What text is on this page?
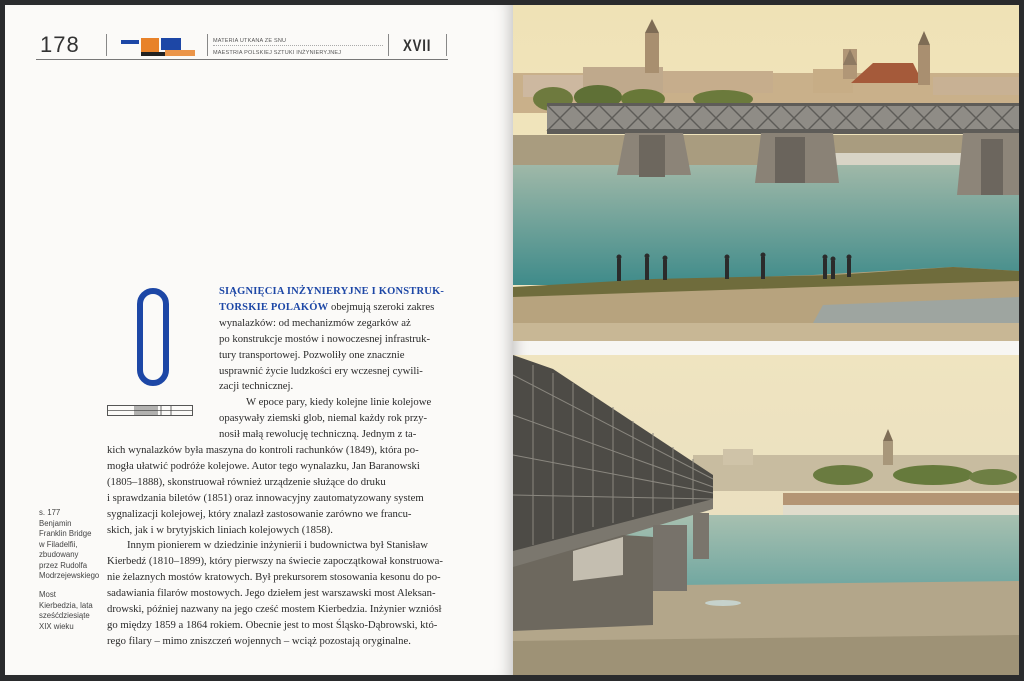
178	MATERIA UTKANA ZE SNU
MAESTRIA POLSKIEJ SZTUKI INŻYNIERYJNEJ	XVII
SIĄGNIĘCIA INŻYNIERYJNE I KONSTRUK-
TORSKIE POLAKÓW obejmują szeroki zakres
wynalazków: od mechanizmów zegarków aż
po konstrukcje mostów i nowoczesnej infrastruk-
tury transportowej. Pozwoliły one znacznie
usprawnić życie ludzkości ery wczesnej cywili-
zacji technicznej.
W epoce pary, kiedy kolejne linie kolejowe
opasywały ziemski glob, niemal każdy rok przy-
nosił małą rewolucję techniczną. Jednym z ta-
kich wynalazków była maszyna do kontroli rachunków (1849), która po-
mogła ułatwić podróże kolejowe. Autor tego wynalazku, Jan Baranowski
(1805–1888), skonstruował również urządzenie służące do druku
i sprawdzania biletów (1851) oraz innowacyjny zautomatyzowany system
sygnalizacji kolejowej, który znalazł zastosowanie zarówno we francu-
skich, jak i w brytyjskich liniach kolejowych (1858).
Innym pionierem w dziedzinie inżynierii i budownictwa był Stanisław
Kierbedź (1810–1899), który pierwszy na świecie zapoczątkował konstruowa-
nie żelaznych mostów kratowych. Był prekursorem stosowania kesonu do po-
sadawiania filarów mostowych. Jego dziełem jest warszawski most Aleksan-
drowski, później nazwany na jego cześć mostem Kierbedzia. Inżynier wzniósł
go między 1859 a 1864 rokiem. Obecnie jest to most Śląsko-Dąbrowski, któ-
rego filary – mimo zniszczeń wojennych – wciąż pozostają oryginalne.
s. 177
Benjamin
Franklin Bridge
w Filadelfii,
zbudowany
przez Rudolfa
Modrzejewskiego
Most
Kierbedzia, lata
sześćdziesiąte
XIX wieku
